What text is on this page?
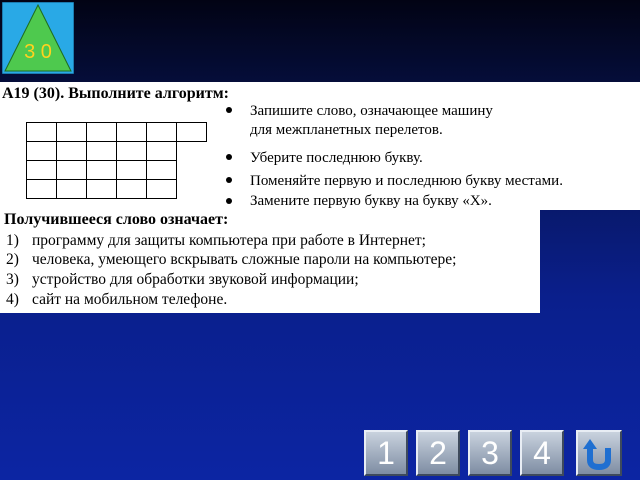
3 0
А19 (30). Выполните алгоритм:
Запишите слово, означающее машину
для межпланетных перелетов.
Уберите последнюю букву.
Поменяйте первую и последнюю букву местами.
Замените первую букву на букву «Х».
Получившееся слово означает:
1) программу для защиты компьютера при работе в Интернет;
2) человека, умеющего вскрывать сложные пароли на компьютере;
3) устройство для обработки звуковой информации;
4) сайт на мобильном телефоне.
1	2	3	4
